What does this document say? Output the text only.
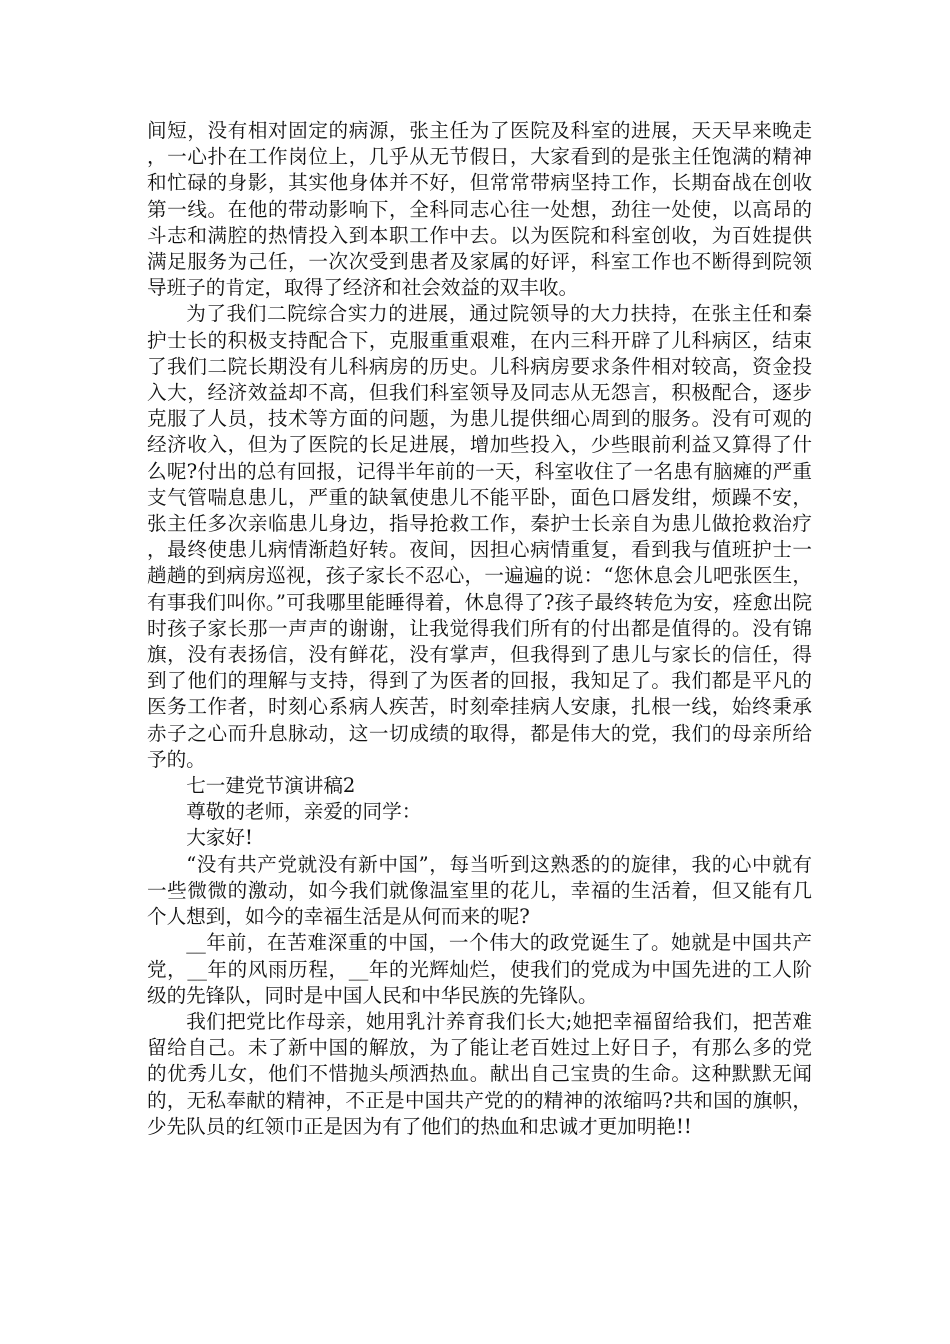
间短，没有相对固定的病源，张主任为了医院及科室的进展，天天早来晚走，一心扑在工作岗位上，几乎从无节假日，大家看到的是张主任饱满的精神和忙碌的身影，其实他身体并不好，但常常带病坚持工作，长期奋战在创收第一线。在他的带动影响下，全科同志心往一处想，劲往一处使，以高昂的斗志和满腔的热情投入到本职工作中去。以为医院和科室创收，为百姓提供满足服务为己任，一次次受到患者及家属的好评，科室工作也不断得到院领导班子的肯定，取得了经济和社会效益的双丰收。

为了我们二院综合实力的进展，通过院领导的大力扶持，在张主任和秦护士长的积极支持配合下，克服重重艰难，在内三科开辟了儿科病区，结束了我们二院长期没有儿科病房的历史。儿科病房要求条件相对较高，资金投入大，经济效益却不高，但我们科室领导及同志从无怨言，积极配合，逐步克服了人员，技术等方面的问题，为患儿提供细心周到的服务。没有可观的经济收入，但为了医院的长足进展，增加些投入，少些眼前利益又算得了什么呢?付出的总有回报，记得半年前的一天，科室收住了一名患有脑瘫的严重支气管喘息患儿，严重的缺氧使患儿不能平卧，面色口唇发绀，烦躁不安，张主任多次亲临患儿身边，指导抢救工作，秦护士长亲自为患儿做抢救治疗，最终使患儿病情渐趋好转。夜间，因担心病情重复，看到我与值班护士一趟趟的到病房巡视，孩子家长不忍心，一遍遍的说：“您休息会儿吧张医生，有事我们叫你。”可我哪里能睡得着，休息得了?孩子最终转危为安，痊愈出院时孩子家长那一声声的谢谢，让我觉得我们所有的付出都是值得的。没有锦旗，没有表扬信，没有鲜花，没有掌声，但我得到了患儿与家长的信任，得到了他们的理解与支持，得到了为医者的回报，我知足了。我们都是平凡的医务工作者，时刻心系病人疾苦，时刻牵挂病人安康，扎根一线，始终秉承赤子之心而升息脉动，这一切成绩的取得，都是伟大的党，我们的母亲所给予的。

七一建党节演讲稿2

尊敬的老师，亲爱的同学：

大家好!

“没有共产党就没有新中国”，每当听到这熟悉的的旋律，我的心中就有一些微微的激动，如今我们就像温室里的花儿，幸福的生活着，但又能有几个人想到，如今的幸福生活是从何而来的呢?

__年前，在苦难深重的中国，一个伟大的政党诞生了。她就是中国共产党，__年的风雨历程，__年的光辉灿烂，使我们的党成为中国先进的工人阶级的先锋队，同时是中国人民和中华民族的先锋队。

我们把党比作母亲，她用乳汁养育我们长大;她把幸福留给我们，把苦难留给自己。未了新中国的解放，为了能让老百姓过上好日子，有那么多的党的优秀儿女，他们不惜抛头颅洒热血。献出自己宝贵的生命。这种默默无闻的，无私奉献的精神，不正是中国共产党的的精神的浓缩吗?共和国的旗帜，少先队员的红领巾正是因为有了他们的热血和忠诚才更加明艳!!
